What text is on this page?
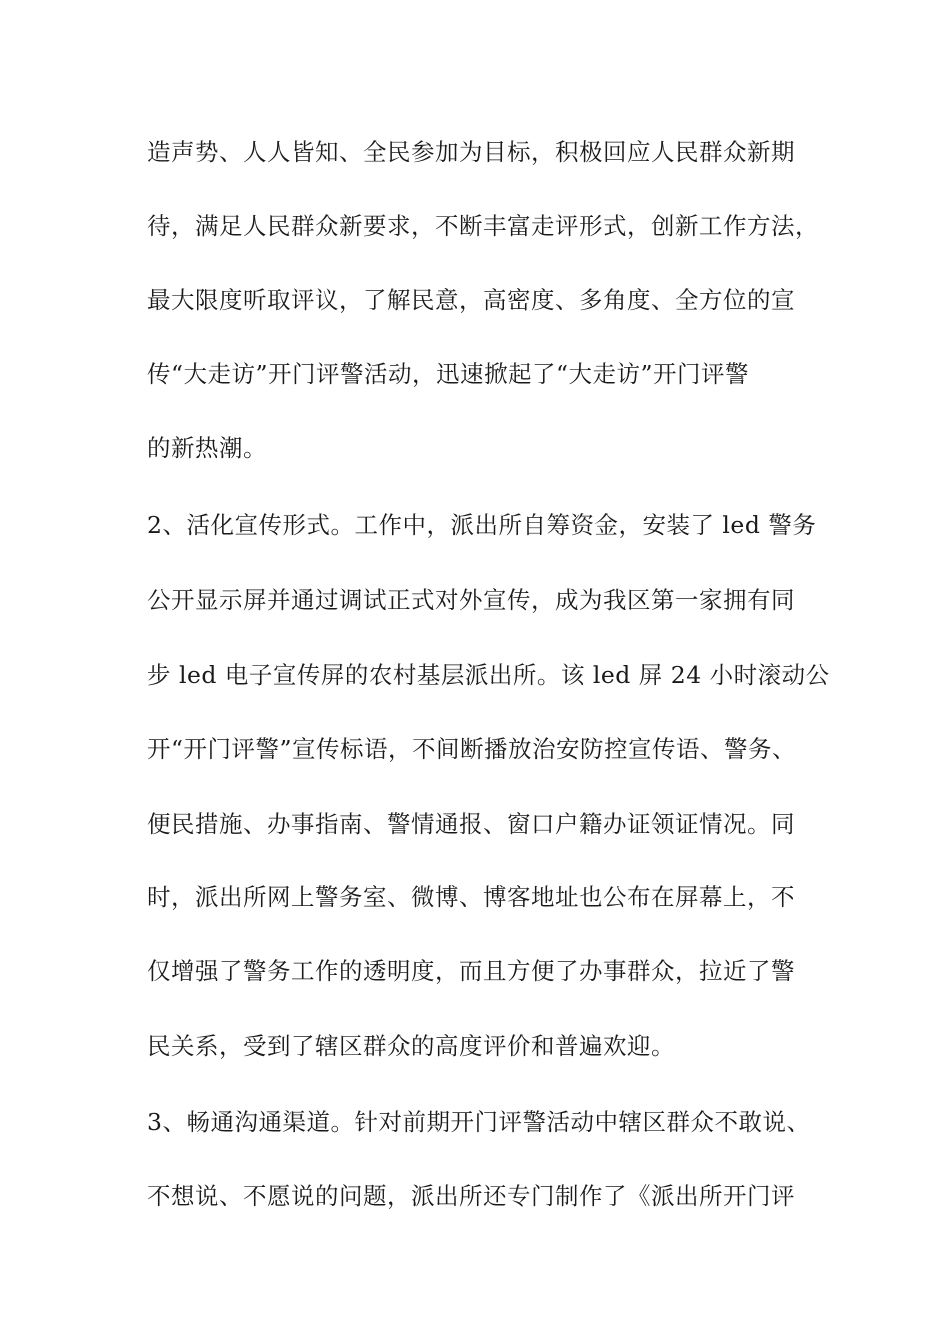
造声势、人人皆知、全民参加为目标，积极回应人民群众新期
待，满足人民群众新要求，不断丰富走评形式，创新工作方法，
最大限度听取评议，了解民意，高密度、多角度、全方位的宣
传“大走访”开门评警活动，迅速掀起了“大走访”开门评警
的新热潮。
2、活化宣传形式。工作中，派出所自筹资金，安装了 led 警务
公开显示屏并通过调试正式对外宣传，成为我区第一家拥有同
步 led 电子宣传屏的农村基层派出所。该 led 屏 24 小时滚动公
开“开门评警”宣传标语，不间断播放治安防控宣传语、警务、
便民措施、办事指南、警情通报、窗口户籍办证领证情况。同
时，派出所网上警务室、微博、博客地址也公布在屏幕上，不
仅增强了警务工作的透明度，而且方便了办事群众，拉近了警
民关系，受到了辖区群众的高度评价和普遍欢迎。
3、畅通沟通渠道。针对前期开门评警活动中辖区群众不敢说、
不想说、不愿说的问题，派出所还专门制作了《派出所开门评
